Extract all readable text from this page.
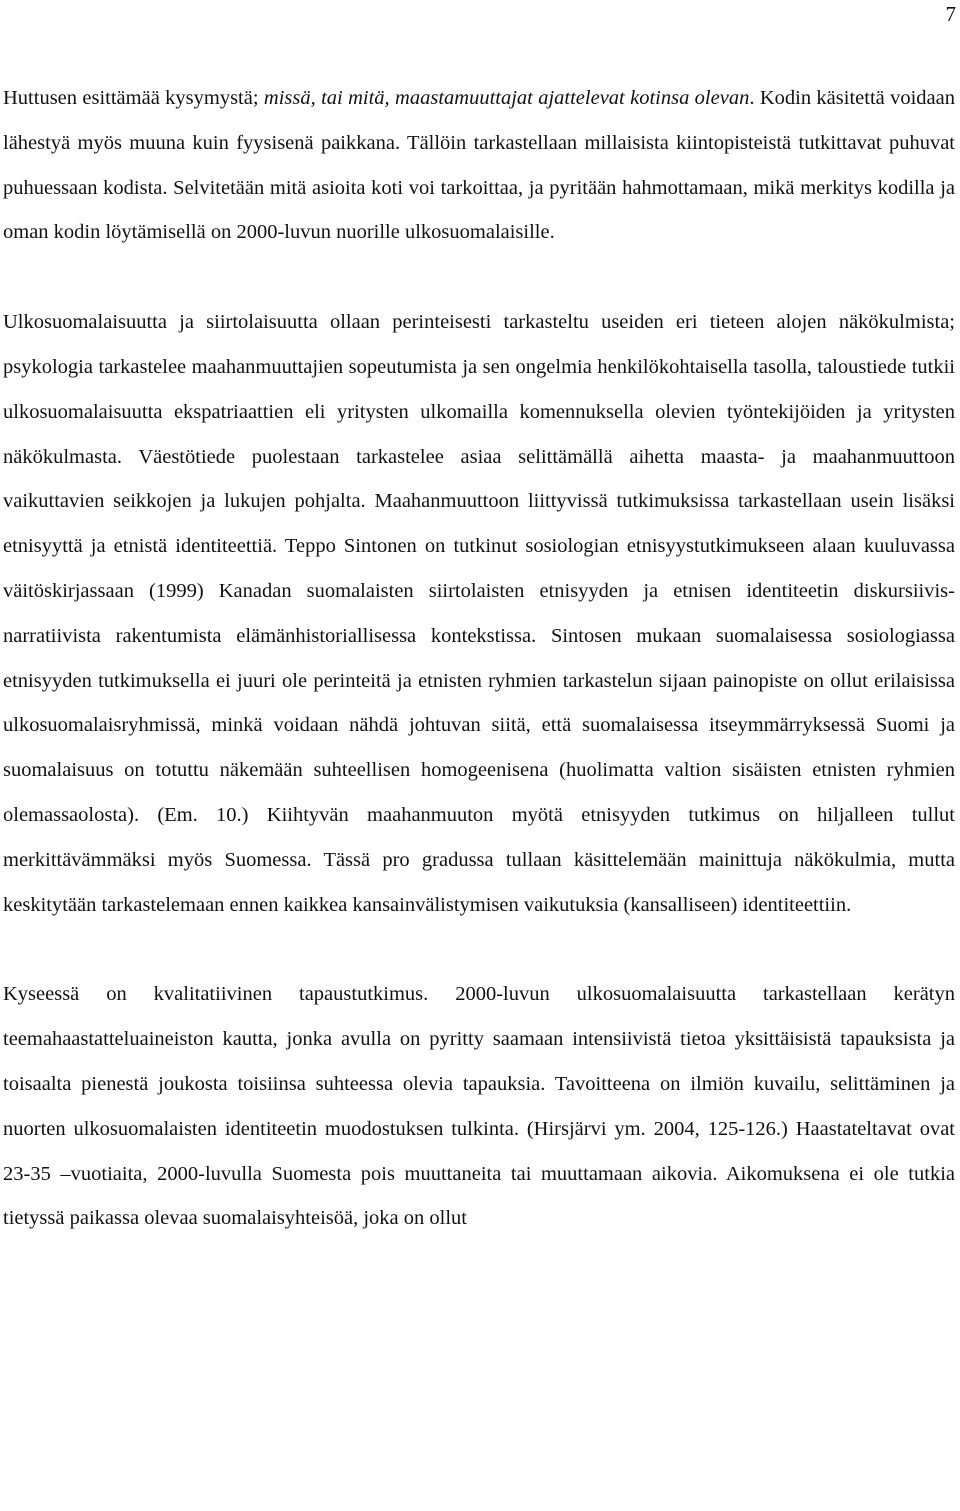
7

Huttusen esittämää kysymystä; missä, tai mitä, maastamuuttajat ajattelevat kotinsa olevan. Kodin käsitettä voidaan lähestyä myös muuna kuin fyysisenä paikkana. Tällöin tarkastellaan millaisista kiintopisteistä tutkittavat puhuvat puhuessaan kodista. Selvitetään mitä asioita koti voi tarkoittaa, ja pyritään hahmottamaan, mikä merkitys kodilla ja oman kodin löytämisellä on 2000-luvun nuorille ulkosuomalaisille.

Ulkosuomalaisuutta ja siirtolaisuutta ollaan perinteisesti tarkasteltu useiden eri tieteen alojen näkökulmista; psykologia tarkastelee maahanmuuttajien sopeutumista ja sen ongelmia henkilökohtaisella tasolla, taloustiede tutkii ulkosuomalaisuutta ekspatriaattien eli yritysten ulkomailla komennuksella olevien työntekijöiden ja yritysten näkökulmasta. Väestötiede puolestaan tarkastelee asiaa selittämällä aihetta maasta- ja maahanmuuttoon vaikuttavien seikkojen ja lukujen pohjalta. Maahanmuuttoon liittyvissä tutkimuksissa tarkastellaan usein lisäksi etnisyyttä ja etnistä identiteettiä. Teppo Sintonen on tutkinut sosiologian etnisyystutkimukseen alaan kuuluvassa väitöskirjassaan (1999) Kanadan suomalaisten siirtolaisten etnisyyden ja etnisen identiteetin diskursiivis-narratiivista rakentumista elämänhistoriallisessa kontekstissa. Sintosen mukaan suomalaisessa sosiologiassa etnisyyden tutkimuksella ei juuri ole perinteitä ja etnisten ryhmien tarkastelun sijaan painopiste on ollut erilaisissa ulkosuomalaisryhmissä, minkä voidaan nähdä johtuvan siitä, että suomalaisessa itseymmärryksessä Suomi ja suomalaisuus on totuttu näkemään suhteellisen homogeenisena (huolimatta valtion sisäisten etnisten ryhmien olemassaolosta). (Em. 10.) Kiihtyvän maahanmuuton myötä etnisyyden tutkimus on hiljalleen tullut merkittävämmäksi myös Suomessa. Tässä pro gradussa tullaan käsittelemään mainittuja näkökulmia, mutta keskitytään tarkastelemaan ennen kaikkea kansainvälistymisen vaikutuksia (kansalliseen) identiteettiin.

Kyseessä on kvalitatiivinen tapaustutkimus. 2000-luvun ulkosuomalaisuutta tarkastellaan kerätyn teemahaastatteluaineiston kautta, jonka avulla on pyritty saamaan intensiivistä tietoa yksittäisistä tapauksista ja toisaalta pienestä joukosta toisiinsa suhteessa olevia tapauksia. Tavoitteena on ilmiön kuvailu, selittäminen ja nuorten ulkosuomalaisten identiteetin muodostuksen tulkinta. (Hirsjärvi ym. 2004, 125-126.) Haastateltavat ovat 23-35 –vuotiaita, 2000-luvulla Suomesta pois muuttaneita tai muuttamaan aikovia. Aikomuksena ei ole tutkia tietyssä paikassa olevaa suomalaisyhteisöä, joka on ollut
